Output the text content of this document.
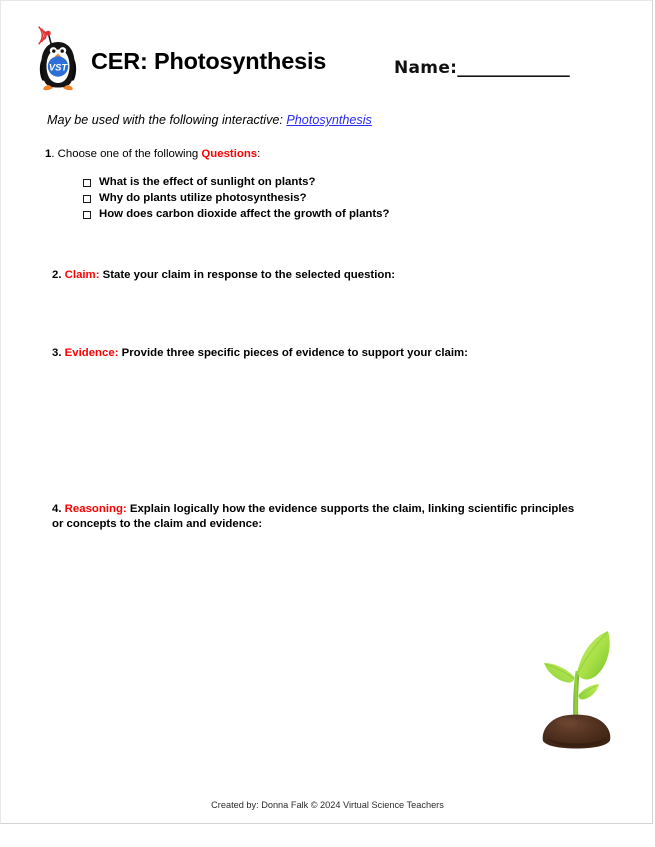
VST CER: Photosynthesis	Name:______________
May be used with the following interactive: Photosynthesis
1. Choose one of the following Questions:
What is the effect of sunlight on plants?
Why do plants utilize photosynthesis?
How does carbon dioxide affect the growth of plants?
2. Claim: State your claim in response to the selected question:
3. Evidence: Provide three specific pieces of evidence to support your claim:
4. Reasoning: Explain logically how the evidence supports the claim, linking scientific principles or concepts to the claim and evidence:
Created by: Donna Falk © 2024 Virtual Science Teachers
